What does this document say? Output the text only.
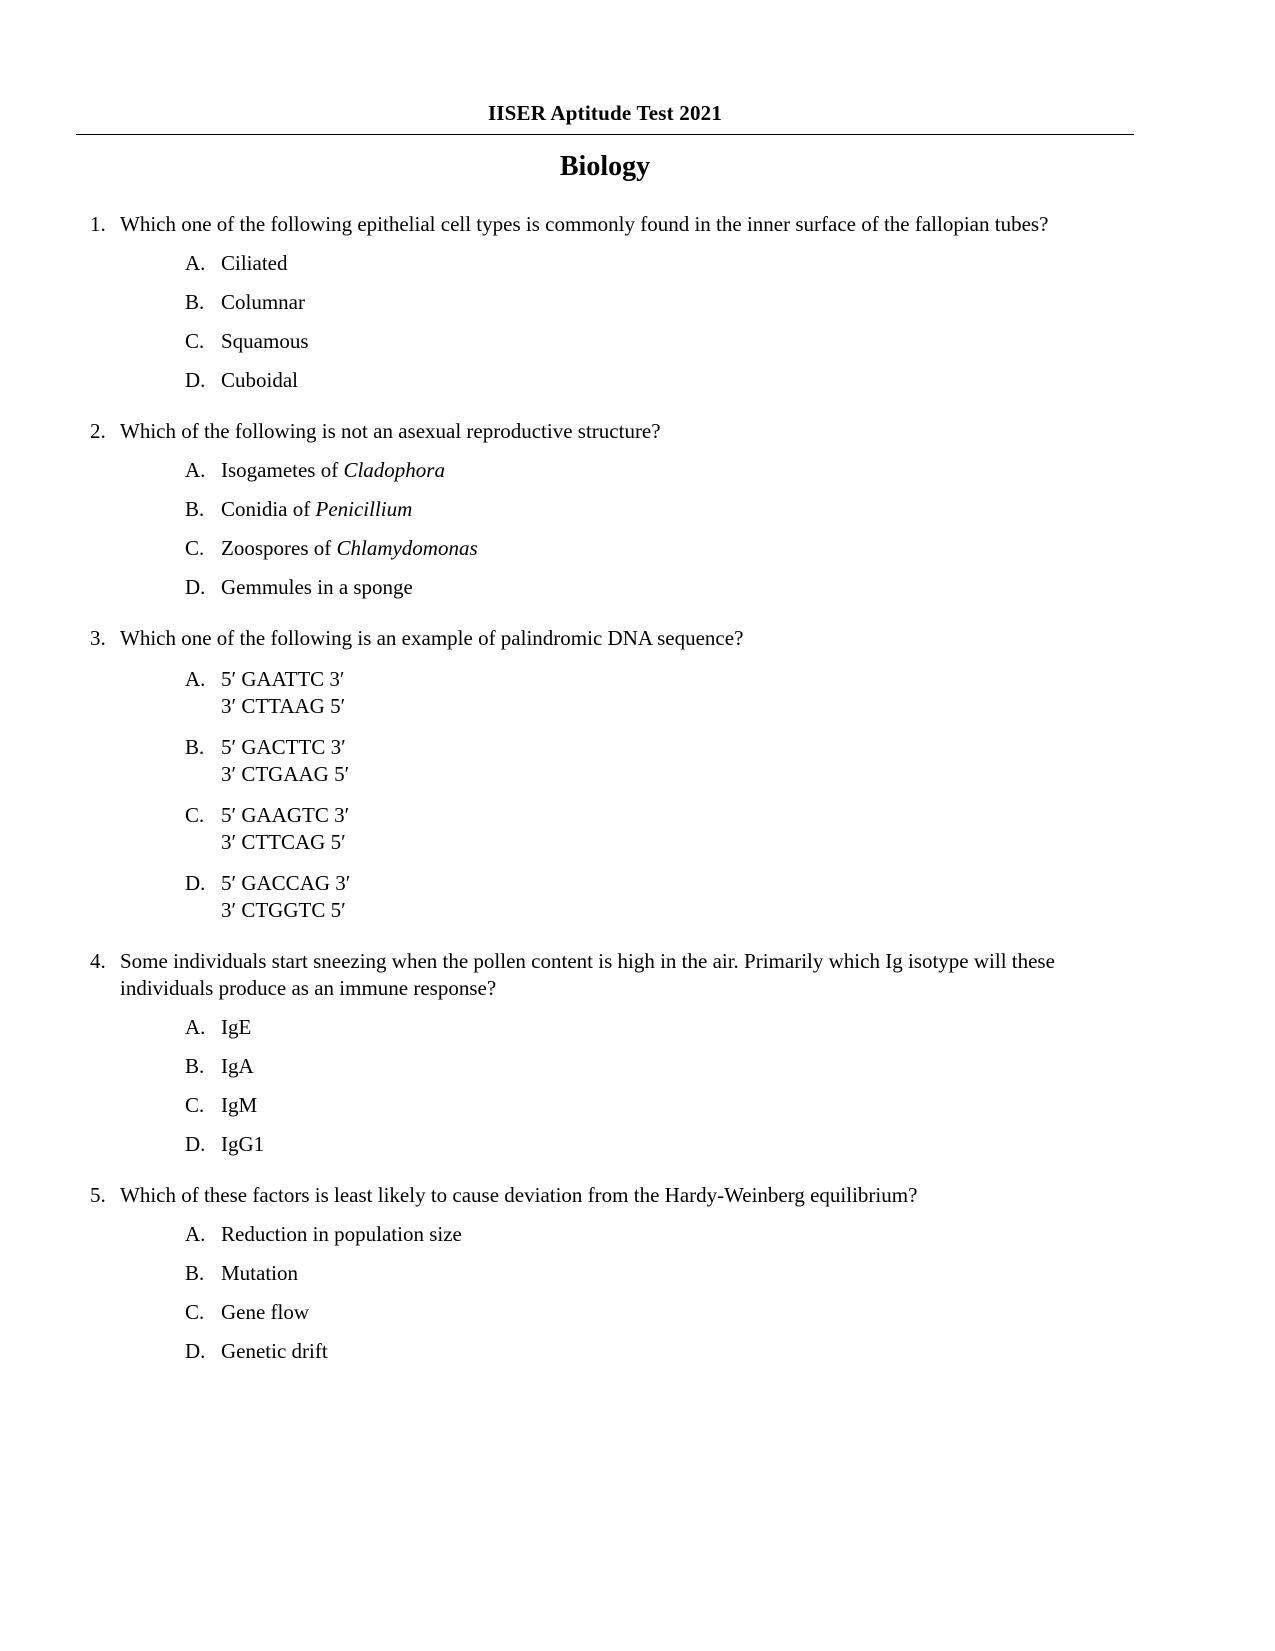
IISER Aptitude Test 2021
Biology
1. Which one of the following epithelial cell types is commonly found in the inner surface of the fallopian tubes?
A. Ciliated
B. Columnar
C. Squamous
D. Cuboidal
2. Which of the following is not an asexual reproductive structure?
A. Isogametes of Cladophora
B. Conidia of Penicillium
C. Zoospores of Chlamydomonas
D. Gemmules in a sponge
3. Which one of the following is an example of palindromic DNA sequence?
A. 5′ GAATTC 3′
3′ CTTAAG 5′
B. 5′ GACTTC 3′
3′ CTGAAG 5′
C. 5′ GAAGTC 3′
3′ CTTCAG 5′
D. 5′ GACCAG 3′
3′ CTGGTC 5′
4. Some individuals start sneezing when the pollen content is high in the air. Primarily which Ig isotype will these individuals produce as an immune response?
A. IgE
B. IgA
C. IgM
D. IgG1
5. Which of these factors is least likely to cause deviation from the Hardy-Weinberg equilibrium?
A. Reduction in population size
B. Mutation
C. Gene flow
D. Genetic drift
